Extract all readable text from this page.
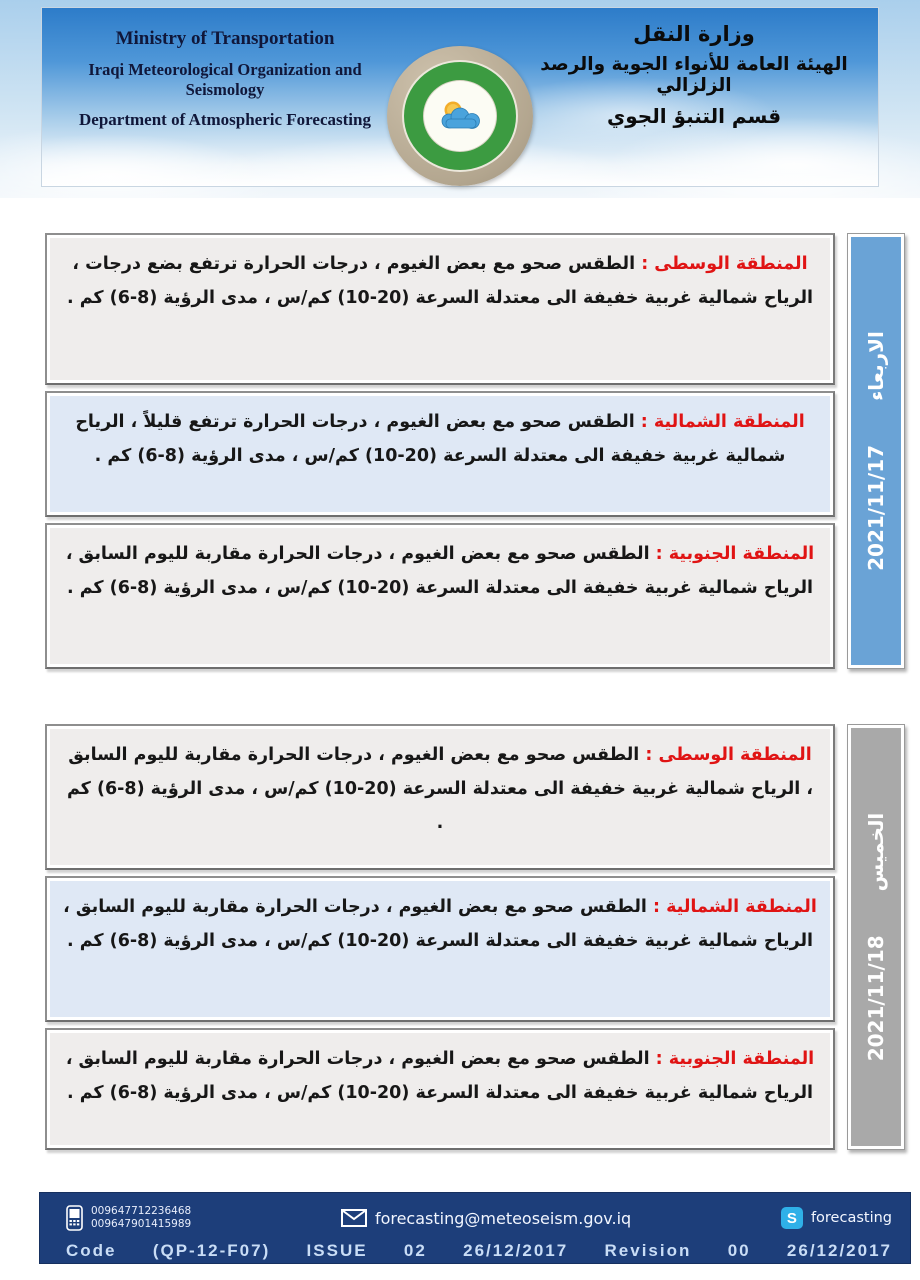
Ministry of Transportation
Iraqi Meteorological Organization and Seismology
Department of Atmospheric Forecasting
وزارة النقل
الهيئة العامة للأنواء الجوية والرصد الزلزالي
قسم التنبؤ الجوي

المنطقة الوسطى : الطقس صحو مع بعض الغيوم ، درجات الحرارة ترتفع بضع درجات ، الرياح شمالية غربية خفيفة الى معتدلة السرعة (20-10) كم/س ، مدى الرؤية (8-6) كم .

المنطقة الشمالية : الطقس صحو مع بعض الغيوم ، درجات الحرارة ترتفع قليلاً ، الرياح شمالية غربية خفيفة الى معتدلة السرعة (20-10) كم/س ، مدى الرؤية (8-6) كم .

المنطقة الجنوبية : الطقس صحو مع بعض الغيوم ، درجات الحرارة مقاربة لليوم السابق ، الرياح شمالية غربية خفيفة الى معتدلة السرعة (20-10) كم/س ، مدى الرؤية (8-6) كم .

الاربعاء
2021/11/17

المنطقة الوسطى : الطقس صحو مع بعض الغيوم ، درجات الحرارة مقاربة لليوم السابق ، الرياح شمالية غربية خفيفة الى معتدلة السرعة (20-10) كم/س ، مدى الرؤية (8-6) كم .

المنطقة الشمالية : الطقس صحو مع بعض الغيوم ، درجات الحرارة مقاربة لليوم السابق ، الرياح شمالية غربية خفيفة الى معتدلة السرعة (20-10) كم/س ، مدى الرؤية (8-6) كم .

المنطقة الجنوبية : الطقس صحو مع بعض الغيوم ، درجات الحرارة مقاربة لليوم السابق ، الرياح شمالية غربية خفيفة الى معتدلة السرعة (20-10) كم/س ، مدى الرؤية (8-6) كم .

الخميس
2021/11/18
009647712236468
009647901415989	forecasting@meteoseism.gov.iq	S forecasting
Code (QP-12-F07) ISSUE 02 26/12/2017 Revision 00 26/12/2017
